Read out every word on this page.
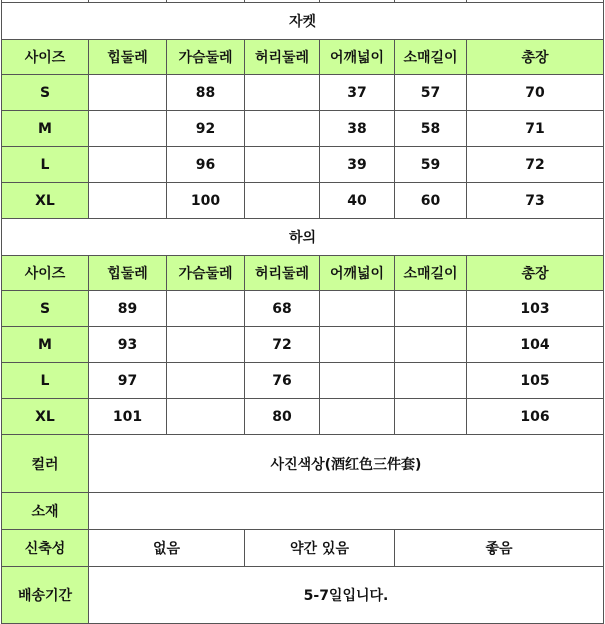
자켓						
사이즈	힙둘레	가슴둘레	허리둘레	어깨넓이	소매길이	총장
S		88		37	57	70
M		92		38	58	71
L		96		39	59	72
XL		100		40	60	73
하의						
사이즈	힙둘레	가슴둘레	허리둘레	어깨넓이	소매길이	총장
S	89		68			103
M	93		72			104
L	97		76			105
XL	101		80			106
컬러	사진색상(酒红色三件套)					
소재						
신축성	없음		약간 있음		좋음	
배송기간	5-7일입니다.					
